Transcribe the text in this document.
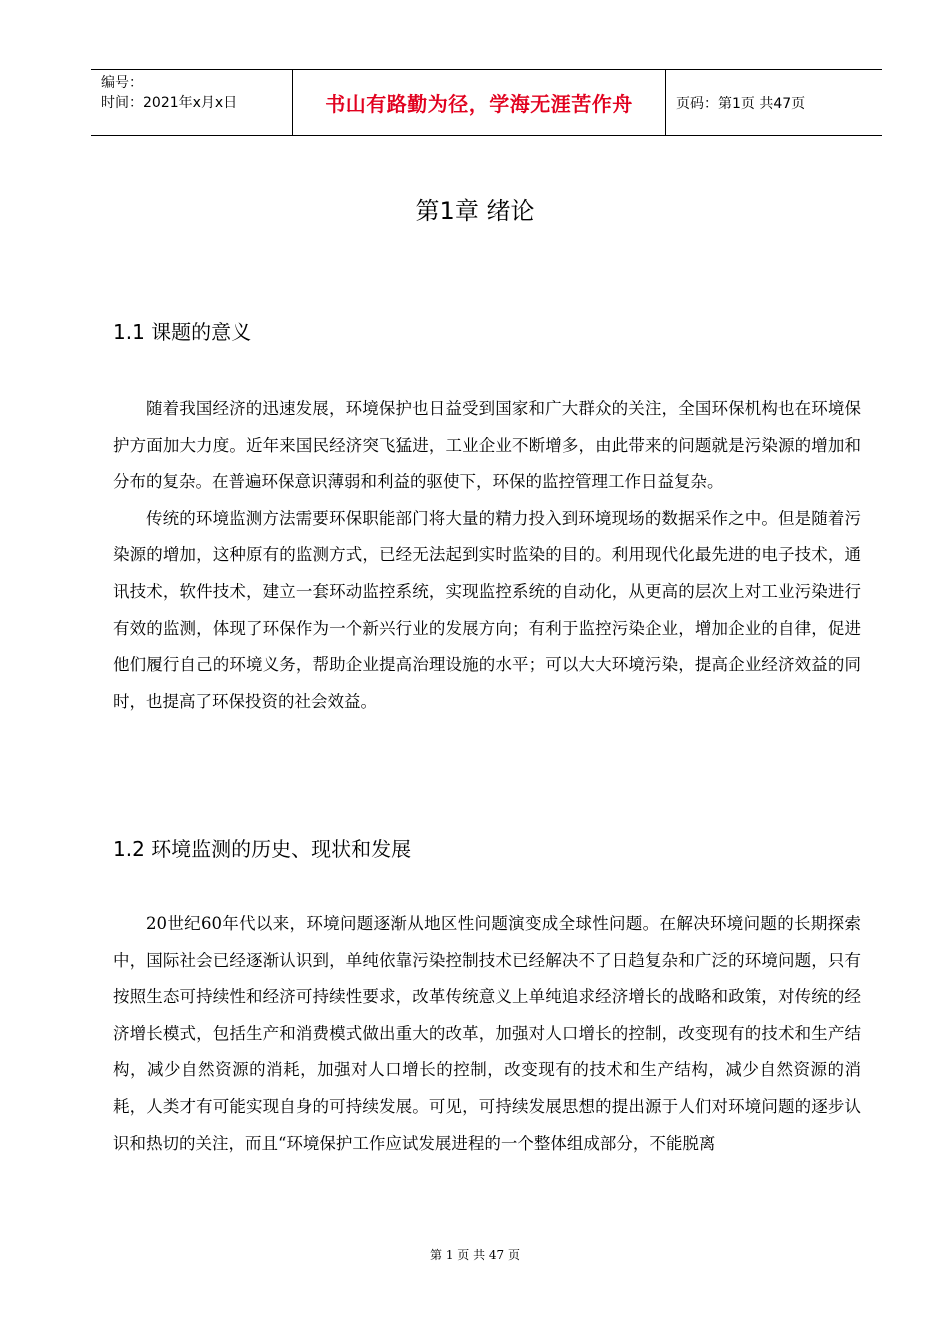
编号：
时间：2021年x月x日	书山有路勤为径，学海无涯苦作舟	页码：第1页 共47页
第1章 绪论
1.1 课题的意义

随着我国经济的迅速发展，环境保护也日益受到国家和广大群众的关注，全国环保机构也在环境保护方面加大力度。近年来国民经济突飞猛进，工业企业不断增多，由此带来的问题就是污染源的增加和分布的复杂。在普遍环保意识薄弱和利益的驱使下，环保的监控管理工作日益复杂。

传统的环境监测方法需要环保职能部门将大量的精力投入到环境现场的数据采作之中。但是随着污染源的增加，这种原有的监测方式，已经无法起到实时监染的目的。利用现代化最先进的电子技术，通讯技术，软件技术，建立一套环动监控系统，实现监控系统的自动化，从更高的层次上对工业污染进行有效的监测，体现了环保作为一个新兴行业的发展方向；有利于监控污染企业，增加企业的自律，促进他们履行自己的环境义务，帮助企业提高治理设施的水平；可以大大环境污染，提高企业经济效益的同时，也提高了环保投资的社会效益。

1.2 环境监测的历史、现状和发展

20世纪60年代以来，环境问题逐渐从地区性问题演变成全球性问题。在解决环境问题的长期探索中，国际社会已经逐渐认识到，单纯依靠污染控制技术已经解决不了日趋复杂和广泛的环境问题，只有按照生态可持续性和经济可持续性要求，改革传统意义上单纯追求经济增长的战略和政策，对传统的经济增长模式，包括生产和消费模式做出重大的改革，加强对人口增长的控制，改变现有的技术和生产结构，减少自然资源的消耗，加强对人口增长的控制，改变现有的技术和生产结构，减少自然资源的消耗，人类才有可能实现自身的可持续发展。可见，可持续发展思想的提出源于人们对环境问题的逐步认识和热切的关注，而且“环境保护工作应试发展进程的一个整体组成部分，不能脱离

第 1 页 共 47 页
